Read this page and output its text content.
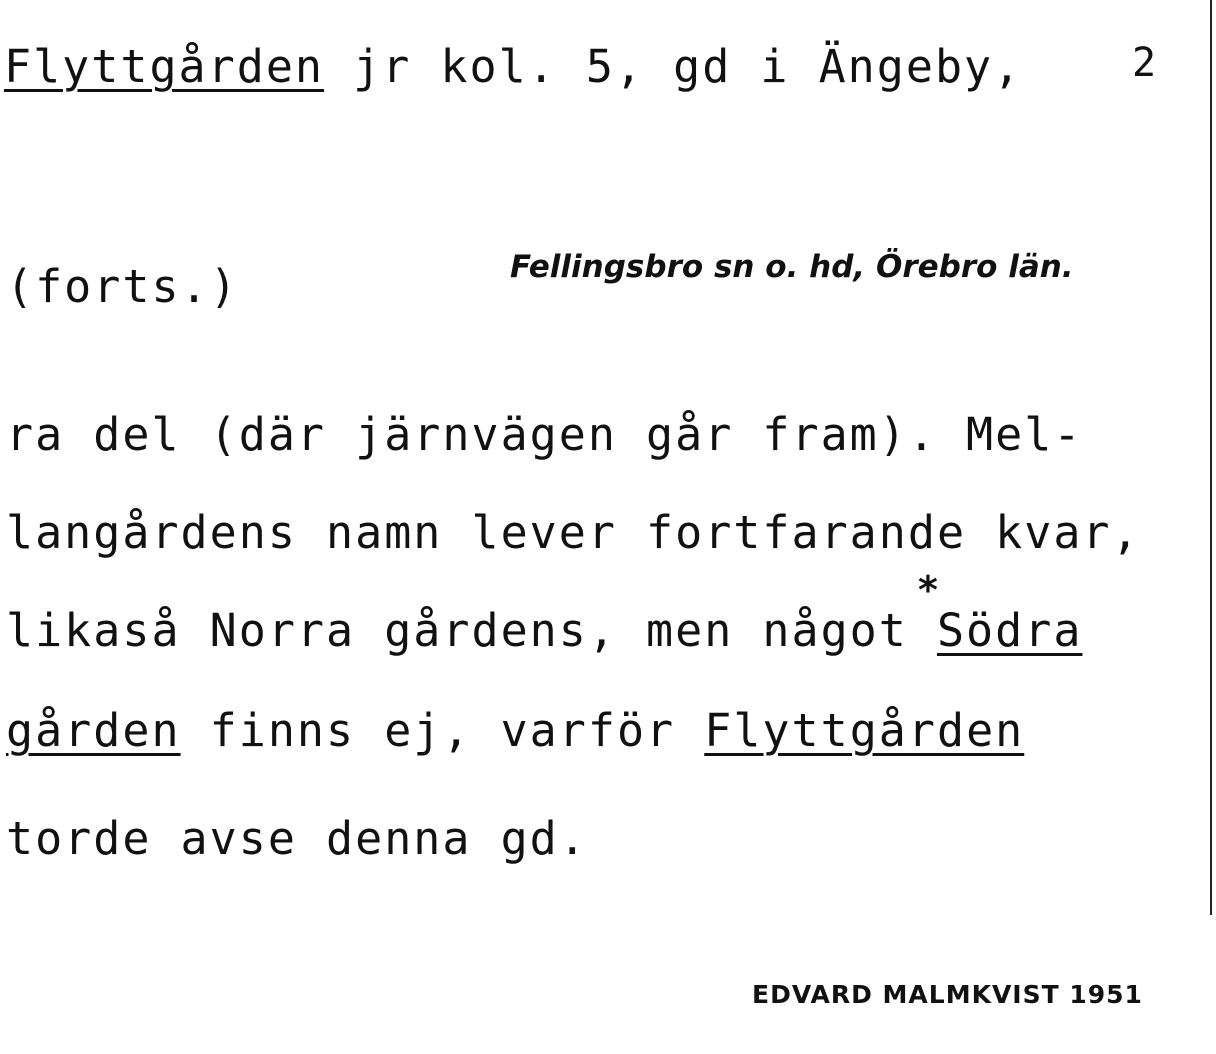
Flyttgården jr kol. 5, gd i Ängeby,	2
(forts.)	Fellingsbro sn o. hd, Örebro län.
ra del (där järnvägen går fram). Mel-
langårdens namn lever fortfarande kvar,
likaså Norra gårdens, men något Södra
*
gården finns ej, varför Flyttgården
torde avse denna gd.
EDVARD MALMKVIST 1951
